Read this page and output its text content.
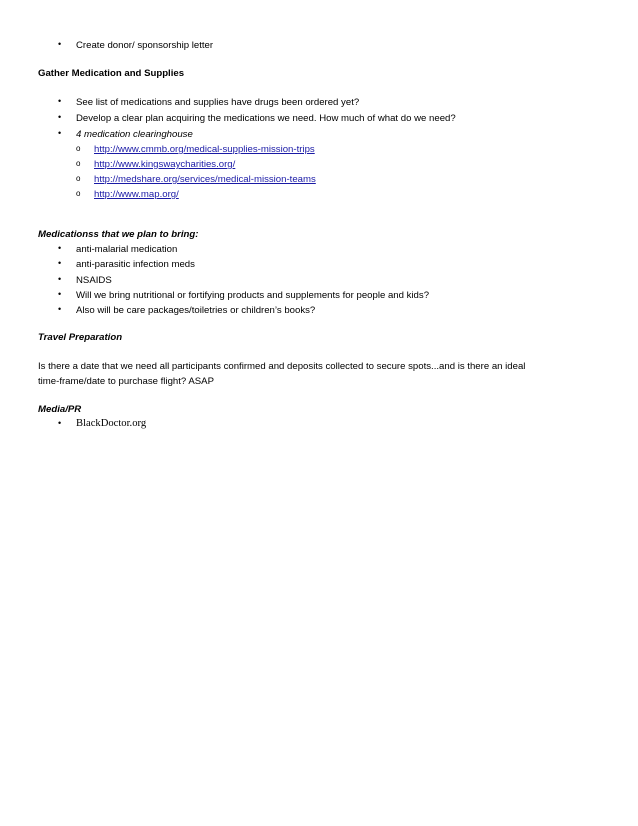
• Create donor/ sponsorship letter
Gather Medication and Supplies
• See list of medications and supplies have drugs been ordered yet?
• Develop a clear plan acquiring the medications we need. How much of what do we need?
• 4 medication clearinghouse
o http://www.cmmb.org/medical-supplies-mission-trips
o http://www.kingswaycharities.org/
o http://medshare.org/services/medical-mission-teams
o http://www.map.org/
Medicationss that we plan to bring:
• anti-malarial medication
• anti-parasitic infection meds
• NSAIDS
• Will we bring nutritional or fortifying products and supplements for people and kids?
• Also will be care packages/toiletries or children’s books?
Travel Preparation
Is there a date that we need all participants confirmed and deposits collected to secure spots...and is there an ideal
time-frame/date to purchase flight? ASAP
Media/PR
• BlackDoctor.org
